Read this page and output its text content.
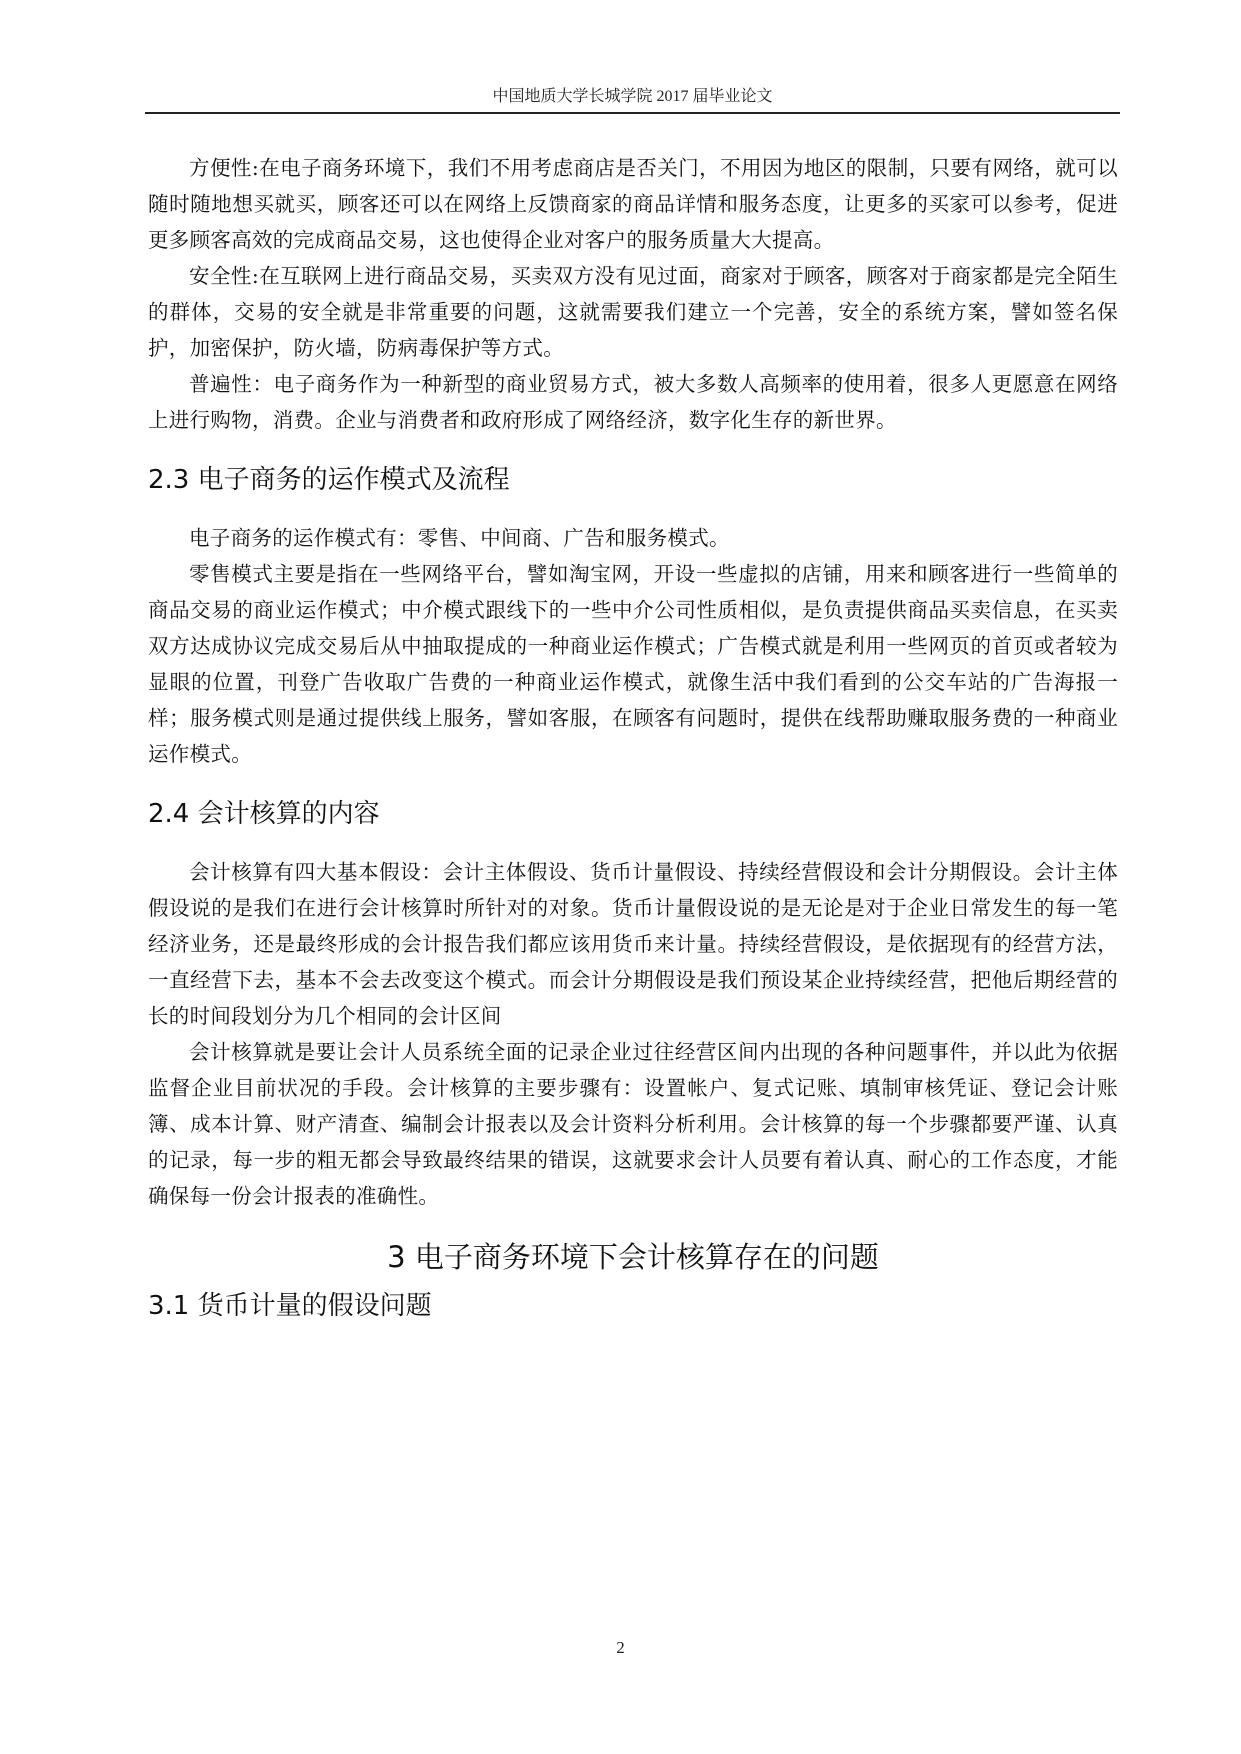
中国地质大学长城学院 2017 届毕业论文

方便性:在电子商务环境下，我们不用考虑商店是否关门，不用因为地区的限制，只要有网络，就可以随时随地想买就买，顾客还可以在网络上反馈商家的商品详情和服务态度，让更多的买家可以参考，促进更多顾客高效的完成商品交易，这也使得企业对客户的服务质量大大提高。

安全性:在互联网上进行商品交易，买卖双方没有见过面，商家对于顾客，顾客对于商家都是完全陌生的群体，交易的安全就是非常重要的问题，这就需要我们建立一个完善，安全的系统方案，譬如签名保护，加密保护，防火墙，防病毒保护等方式。

普遍性：电子商务作为一种新型的商业贸易方式，被大多数人高频率的使用着，很多人更愿意在网络上进行购物，消费。企业与消费者和政府形成了网络经济，数字化生存的新世界。

2.3 电子商务的运作模式及流程

电子商务的运作模式有：零售、中间商、广告和服务模式。

零售模式主要是指在一些网络平台，譬如淘宝网，开设一些虚拟的店铺，用来和顾客进行一些简单的商品交易的商业运作模式；中介模式跟线下的一些中介公司性质相似，是负责提供商品买卖信息，在买卖双方达成协议完成交易后从中抽取提成的一种商业运作模式；广告模式就是利用一些网页的首页或者较为显眼的位置，刊登广告收取广告费的一种商业运作模式，就像生活中我们看到的公交车站的广告海报一样；服务模式则是通过提供线上服务，譬如客服，在顾客有问题时，提供在线帮助赚取服务费的一种商业运作模式。

2.4 会计核算的内容

会计核算有四大基本假设：会计主体假设、货币计量假设、持续经营假设和会计分期假设。会计主体假设说的是我们在进行会计核算时所针对的对象。货币计量假设说的是无论是对于企业日常发生的每一笔经济业务，还是最终形成的会计报告我们都应该用货币来计量。持续经营假设，是依据现有的经营方法，一直经营下去，基本不会去改变这个模式。而会计分期假设是我们预设某企业持续经营，把他后期经营的长的时间段划分为几个相同的会计区间

会计核算就是要让会计人员系统全面的记录企业过往经营区间内出现的各种问题事件，并以此为依据监督企业目前状况的手段。会计核算的主要步骤有：设置帐户、复式记账、填制审核凭证、登记会计账簿、成本计算、财产清查、编制会计报表以及会计资料分析利用。会计核算的每一个步骤都要严谨、认真的记录，每一步的粗无都会导致最终结果的错误，这就要求会计人员要有着认真、耐心的工作态度，才能确保每一份会计报表的准确性。

3 电子商务环境下会计核算存在的问题
3.1 货币计量的假设问题
2
